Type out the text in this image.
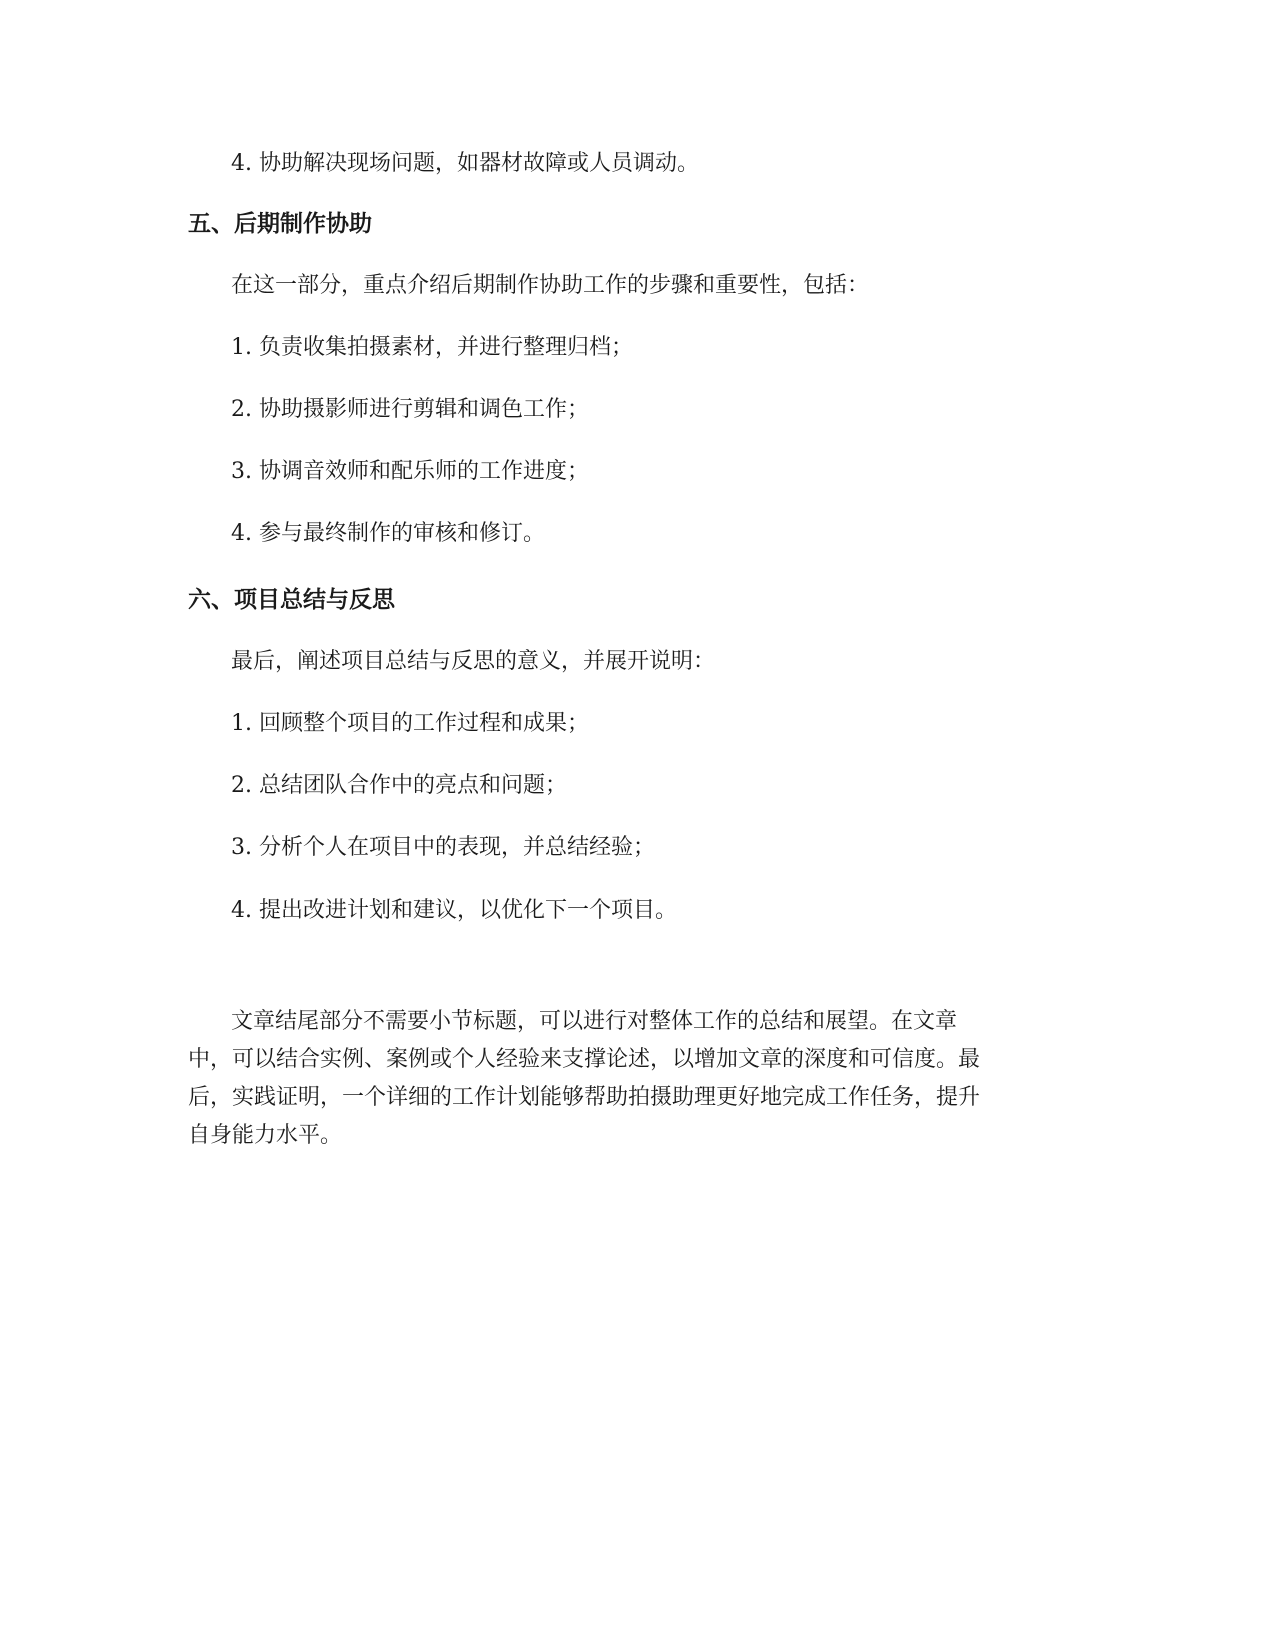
4. 协助解决现场问题，如器材故障或人员调动。
五、后期制作协助
在这一部分，重点介绍后期制作协助工作的步骤和重要性，包括：
1. 负责收集拍摄素材，并进行整理归档；
2. 协助摄影师进行剪辑和调色工作；
3. 协调音效师和配乐师的工作进度；
4. 参与最终制作的审核和修订。
六、项目总结与反思
最后，阐述项目总结与反思的意义，并展开说明：
1. 回顾整个项目的工作过程和成果；
2. 总结团队合作中的亮点和问题；
3. 分析个人在项目中的表现，并总结经验；
4. 提出改进计划和建议，以优化下一个项目。
文章结尾部分不需要小节标题，可以进行对整体工作的总结和展望。在文章
中，可以结合实例、案例或个人经验来支撑论述，以增加文章的深度和可信度。最
后，实践证明，一个详细的工作计划能够帮助拍摄助理更好地完成工作任务，提升
自身能力水平。
